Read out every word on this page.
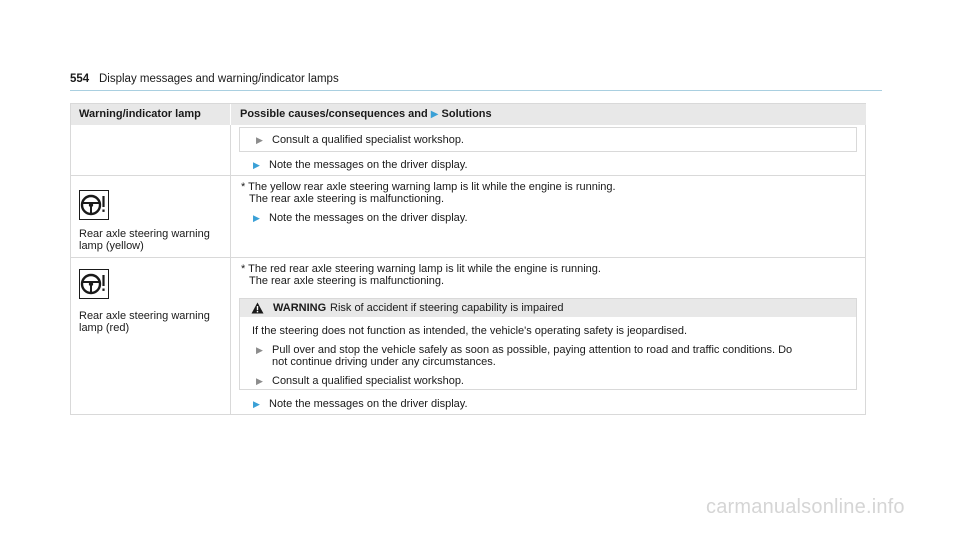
554 Display messages and warning/indicator lamps
Warning/indicator lamp	Possible causes/consequences and ▶ Solutions
▶ Consult a qualified specialist workshop.
▶ Note the messages on the driver display.
Rear axle steering warning
lamp (yellow)
* The yellow rear axle steering warning lamp is lit while the engine is running.
The rear axle steering is malfunctioning.
▶ Note the messages on the driver display.
Rear axle steering warning
lamp (red)
* The red rear axle steering warning lamp is lit while the engine is running.
The rear axle steering is malfunctioning.
WARNING Risk of accident if steering capability is impaired
If the steering does not function as intended, the vehicle's operating safety is jeopardised.
▶ Pull over and stop the vehicle safely as soon as possible, paying attention to road and traffic conditions. Do
not continue driving under any circumstances.
▶ Consult a qualified specialist workshop.
▶ Note the messages on the driver display.
carmanualsonline.info
